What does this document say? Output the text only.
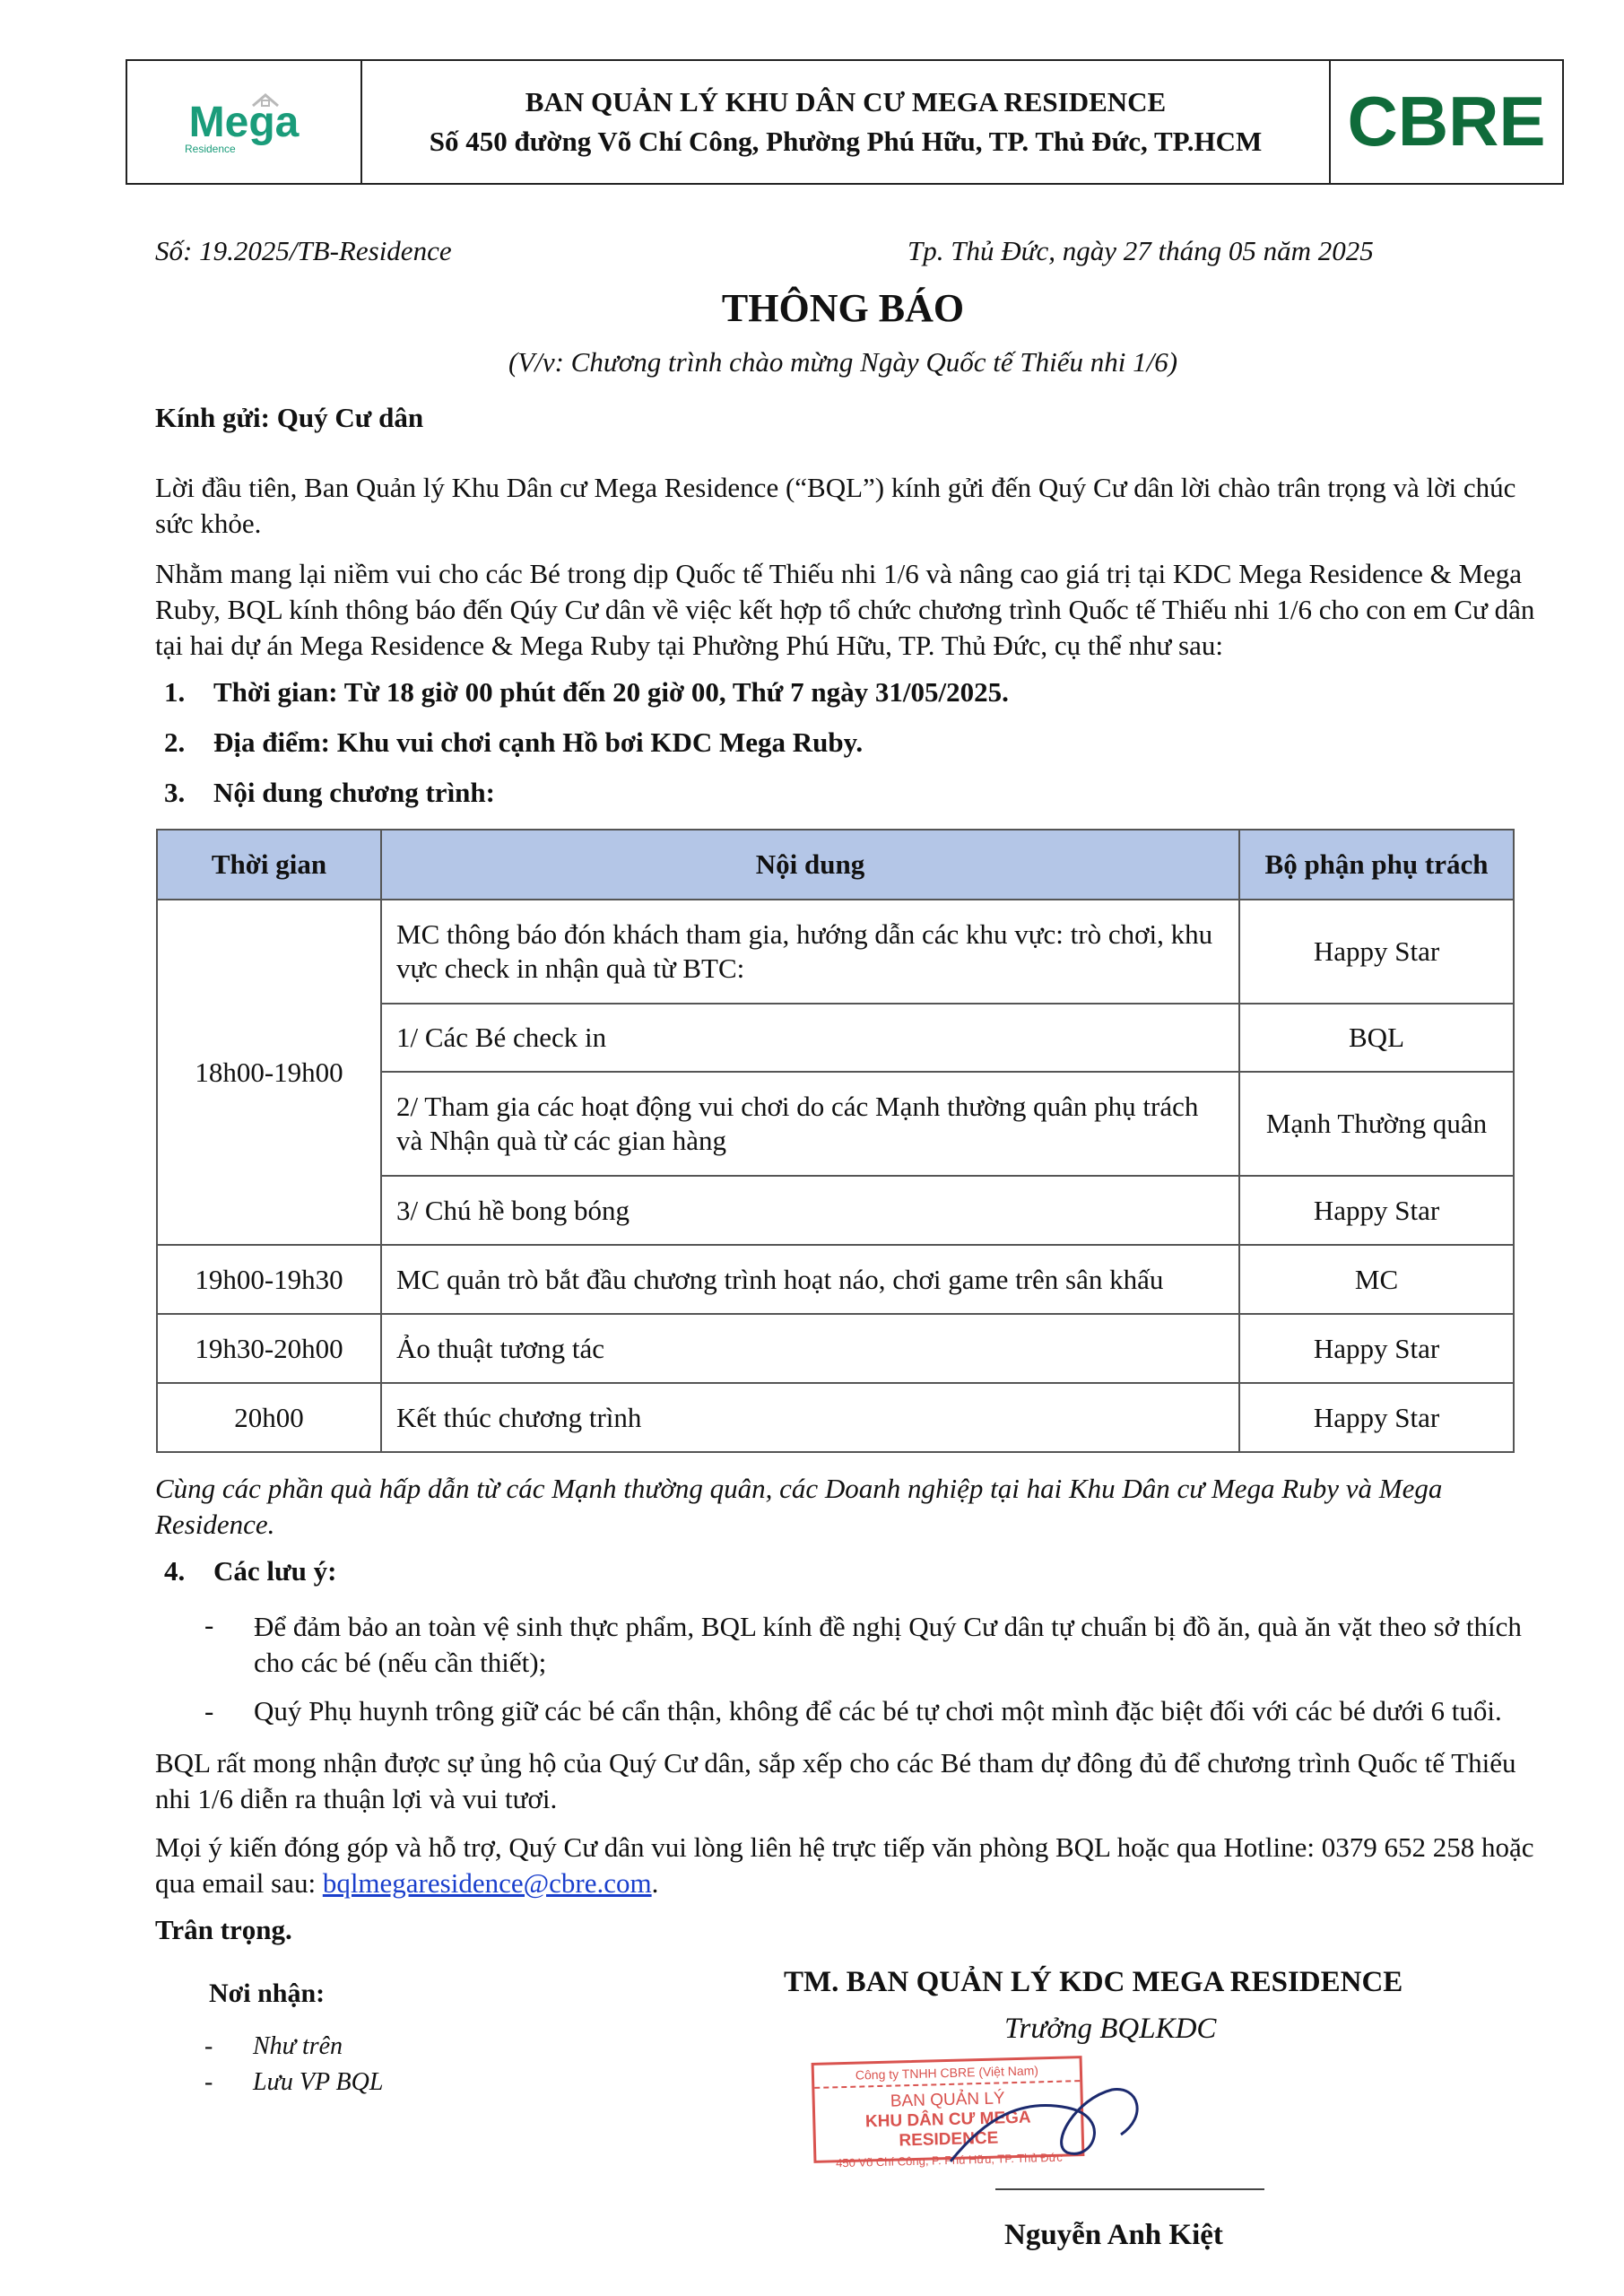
Mega
Residence
BAN QUẢN LÝ KHU DÂN CƯ MEGA RESIDENCE
Số 450 đường Võ Chí Công, Phường Phú Hữu, TP. Thủ Đức, TP.HCM CBRE
Số: 19.2025/TB-Residence	Tp. Thủ Đức, ngày 27 tháng 05 năm 2025
THÔNG BÁO
(V/v: Chương trình chào mừng Ngày Quốc tế Thiếu nhi 1/6)
Kính gửi: Quý Cư dân
Lời đầu tiên, Ban Quản lý Khu Dân cư Mega Residence (“BQL”) kính gửi đến Quý Cư dân lời chào trân trọng và lời chúc sức khỏe.
Nhằm mang lại niềm vui cho các Bé trong dịp Quốc tế Thiếu nhi 1/6 và nâng cao giá trị tại KDC Mega Residence & Mega Ruby, BQL kính thông báo đến Qúy Cư dân về việc kết hợp tổ chức chương trình Quốc tế Thiếu nhi 1/6 cho con em Cư dân tại hai dự án Mega Residence & Mega Ruby tại Phường Phú Hữu, TP. Thủ Đức, cụ thể như sau:
1. Thời gian: Từ 18 giờ 00 phút đến 20 giờ 00, Thứ 7 ngày 31/05/2025.
2. Địa điểm: Khu vui chơi cạnh Hồ bơi KDC Mega Ruby.
3. Nội dung chương trình:
Thời gian	Nội dung	Bộ phận phụ trách
18h00-19h00	MC thông báo đón khách tham gia, hướng dẫn các khu vực: trò chơi, khu vực check in nhận quà từ BTC:	Happy Star
	1/ Các Bé check in	BQL
	2/ Tham gia các hoạt động vui chơi do các Mạnh thường quân phụ trách và Nhận quà từ các gian hàng	Mạnh Thường quân
	3/ Chú hề bong bóng	Happy Star
19h00-19h30	MC quản trò bắt đầu chương trình hoạt náo, chơi game trên sân khấu	MC
19h30-20h00	Ảo thuật tương tác	Happy Star
20h00	Kết thúc chương trình	Happy Star
Cùng các phần quà hấp dẫn từ các Mạnh thường quân, các Doanh nghiệp tại hai Khu Dân cư Mega Ruby và Mega Residence.
4. Các lưu ý:
- Để đảm bảo an toàn vệ sinh thực phẩm, BQL kính đề nghị Quý Cư dân tự chuẩn bị đồ ăn, quà ăn vặt theo sở thích cho các bé (nếu cần thiết);
- Quý Phụ huynh trông giữ các bé cẩn thận, không để các bé tự chơi một mình đặc biệt đối với các bé dưới 6 tuổi.
BQL rất mong nhận được sự ủng hộ của Quý Cư dân, sắp xếp cho các Bé tham dự đông đủ để chương trình Quốc tế Thiếu nhi 1/6 diễn ra thuận lợi và vui tươi.
Mọi ý kiến đóng góp và hỗ trợ, Quý Cư dân vui lòng liên hệ trực tiếp văn phòng BQL hoặc qua Hotline: 0379 652 258 hoặc qua email sau: bqlmegaresidence@cbre.com.
Trân trọng.
Nơi nhận:
- Như trên
- Lưu VP BQL
TM. BAN QUẢN LÝ KDC MEGA RESIDENCE
Trưởng BQLKDC
Công ty TNHH CBRE (Việt Nam)
BAN QUẢN LÝ
KHU DÂN CƯ MEGA RESIDENCE
450 Võ Chí Công, P. Phú Hữu, TP. Thủ Đức
Nguyễn Anh Kiệt
